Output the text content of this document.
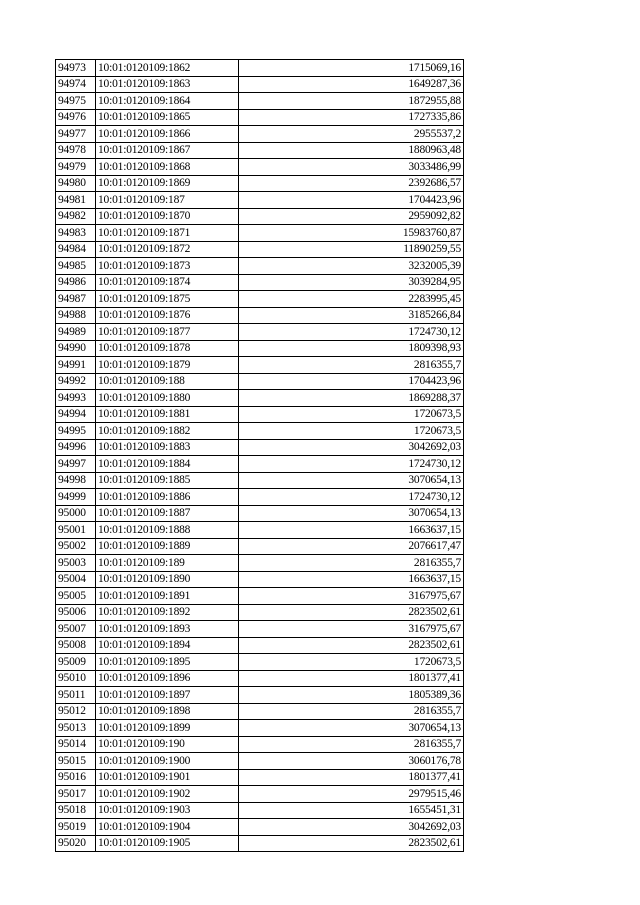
94973	10:01:0120109:1862	1715069,16
94974	10:01:0120109:1863	1649287,36
94975	10:01:0120109:1864	1872955,88
94976	10:01:0120109:1865	1727335,86
94977	10:01:0120109:1866	2955537,2
94978	10:01:0120109:1867	1880963,48
94979	10:01:0120109:1868	3033486,99
94980	10:01:0120109:1869	2392686,57
94981	10:01:0120109:187	1704423,96
94982	10:01:0120109:1870	2959092,82
94983	10:01:0120109:1871	15983760,87
94984	10:01:0120109:1872	11890259,55
94985	10:01:0120109:1873	3232005,39
94986	10:01:0120109:1874	3039284,95
94987	10:01:0120109:1875	2283995,45
94988	10:01:0120109:1876	3185266,84
94989	10:01:0120109:1877	1724730,12
94990	10:01:0120109:1878	1809398,93
94991	10:01:0120109:1879	2816355,7
94992	10:01:0120109:188	1704423,96
94993	10:01:0120109:1880	1869288,37
94994	10:01:0120109:1881	1720673,5
94995	10:01:0120109:1882	1720673,5
94996	10:01:0120109:1883	3042692,03
94997	10:01:0120109:1884	1724730,12
94998	10:01:0120109:1885	3070654,13
94999	10:01:0120109:1886	1724730,12
95000	10:01:0120109:1887	3070654,13
95001	10:01:0120109:1888	1663637,15
95002	10:01:0120109:1889	2076617,47
95003	10:01:0120109:189	2816355,7
95004	10:01:0120109:1890	1663637,15
95005	10:01:0120109:1891	3167975,67
95006	10:01:0120109:1892	2823502,61
95007	10:01:0120109:1893	3167975,67
95008	10:01:0120109:1894	2823502,61
95009	10:01:0120109:1895	1720673,5
95010	10:01:0120109:1896	1801377,41
95011	10:01:0120109:1897	1805389,36
95012	10:01:0120109:1898	2816355,7
95013	10:01:0120109:1899	3070654,13
95014	10:01:0120109:190	2816355,7
95015	10:01:0120109:1900	3060176,78
95016	10:01:0120109:1901	1801377,41
95017	10:01:0120109:1902	2979515,46
95018	10:01:0120109:1903	1655451,31
95019	10:01:0120109:1904	3042692,03
95020	10:01:0120109:1905	2823502,61
